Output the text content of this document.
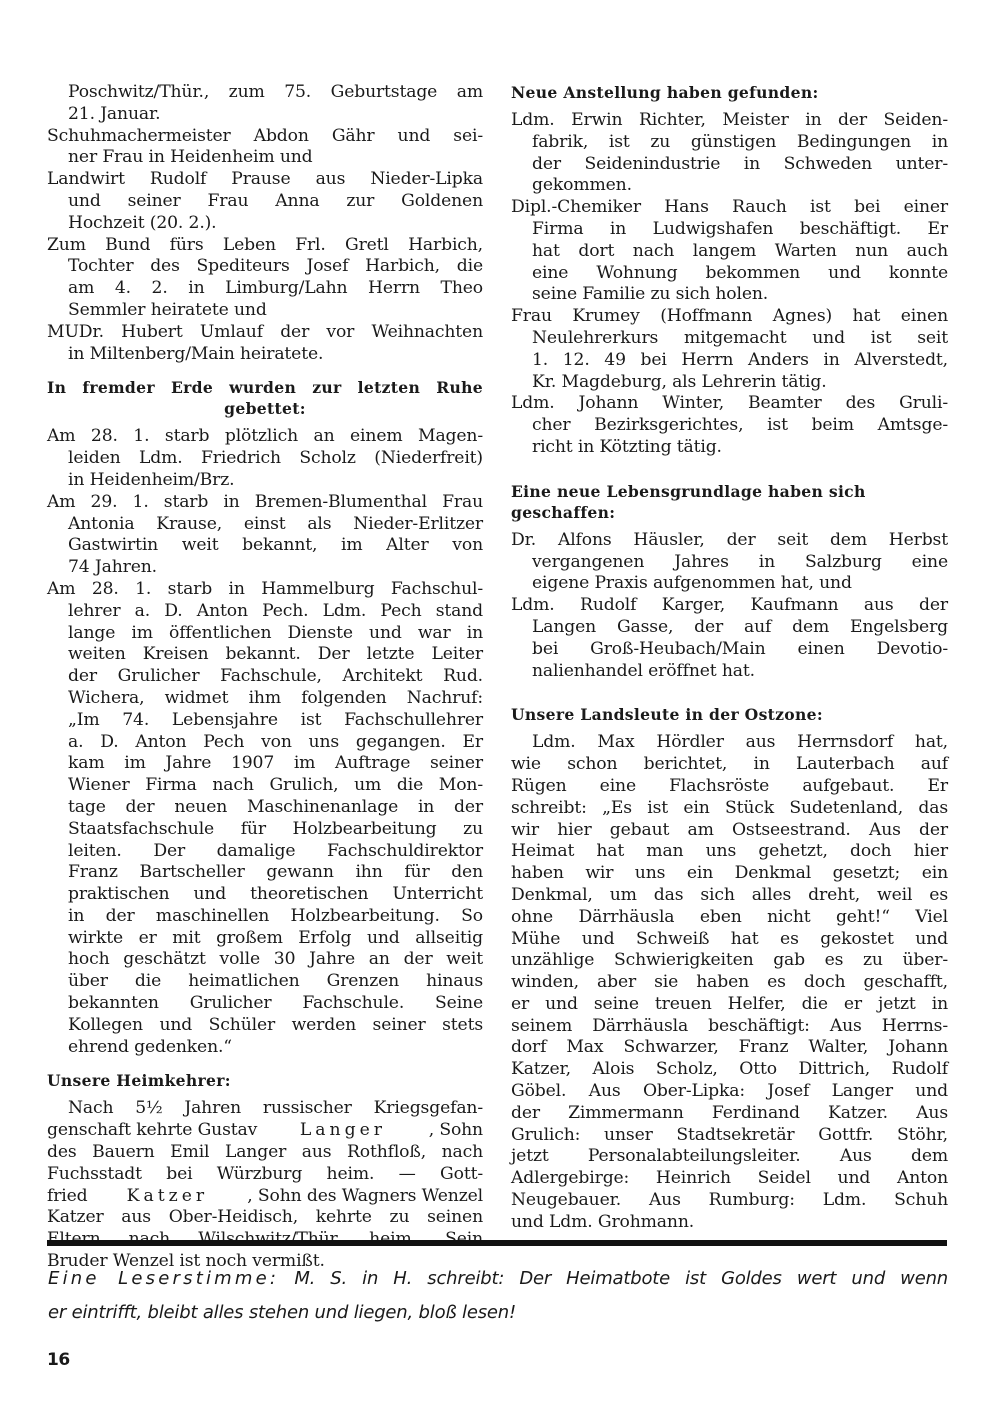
Poschwitz/Thür., zum 75. Geburtstage am
21. Januar.
Schuhmachermeister Abdon Gähr und sei-
ner Frau in Heidenheim und
Landwirt Rudolf Prause aus Nieder-Lipka
und seiner Frau Anna zur Goldenen
Hochzeit (20. 2.).
Zum Bund fürs Leben Frl. Gretl Harbich,
Tochter des Spediteurs Josef Harbich, die
am 4. 2. in Limburg/Lahn Herrn Theo
Semmler heiratete und
MUDr. Hubert Umlauf der vor Weihnachten
in Miltenberg/Main heiratete.
In fremder Erde wurden zur letzten Ruhe
gebettet:
Am 28. 1. starb plötzlich an einem Magen-
leiden Ldm. Friedrich Scholz (Niederfreit)
in Heidenheim/Brz.
Am 29. 1. starb in Bremen-Blumenthal Frau
Antonia Krause, einst als Nieder-Erlitzer
Gastwirtin weit bekannt, im Alter von
74 Jahren.
Am 28. 1. starb in Hammelburg Fachschul-
lehrer a. D. Anton Pech. Ldm. Pech stand
lange im öffentlichen Dienste und war in
weiten Kreisen bekannt. Der letzte Leiter
der Grulicher Fachschule, Architekt Rud.
Wichera, widmet ihm folgenden Nachruf:
„Im 74. Lebensjahre ist Fachschullehrer
a. D. Anton Pech von uns gegangen. Er
kam im Jahre 1907 im Auftrage seiner
Wiener Firma nach Grulich, um die Mon-
tage der neuen Maschinenanlage in der
Staatsfachschule für Holzbearbeitung zu
leiten. Der damalige Fachschuldirektor
Franz Bartscheller gewann ihn für den
praktischen und theoretischen Unterricht
in der maschinellen Holzbearbeitung. So
wirkte er mit großem Erfolg und allseitig
hoch geschätzt volle 30 Jahre an der weit
über die heimatlichen Grenzen hinaus
bekannten Grulicher Fachschule. Seine
Kollegen und Schüler werden seiner stets
ehrend gedenken.“
Unsere Heimkehrer:
Nach 5½ Jahren russischer Kriegsgefan-
genschaft kehrte Gustav Langer , Sohn
des Bauern Emil Langer aus Rothfloß, nach
Fuchsstadt bei Würzburg heim. — Gott-
fried Katzer , Sohn des Wagners Wenzel
Katzer aus Ober-Heidisch, kehrte zu seinen
Bruder Wenzel ist noch vermißt.
Neue Anstellung haben gefunden:
Ldm. Erwin Richter, Meister in der Seiden-
fabrik, ist zu günstigen Bedingungen in
der Seidenindustrie in Schweden unter-
gekommen.
Dipl.-Chemiker Hans Rauch ist bei einer
Firma in Ludwigshafen beschäftigt. Er
hat dort nach langem Warten nun auch
eine Wohnung bekommen und konnte
seine Familie zu sich holen.
Frau Krumey (Hoffmann Agnes) hat einen
Neulehrerkurs mitgemacht und ist seit
1. 12. 49 bei Herrn Anders in Alverstedt,
Kr. Magdeburg, als Lehrerin tätig.
Ldm. Johann Winter, Beamter des Gruli-
cher Bezirksgerichtes, ist beim Amtsge-
richt in Kötzting tätig.
Eine neue Lebensgrundlage haben sich
geschaffen:
Dr. Alfons Häusler, der seit dem Herbst
vergangenen Jahres in Salzburg eine
eigene Praxis aufgenommen hat, und
Ldm. Rudolf Karger, Kaufmann aus der
Langen Gasse, der auf dem Engelsberg
bei Groß-Heubach/Main einen Devotio-
nalienhandel eröffnet hat.
Unsere Landsleute in der Ostzone:
Ldm. Max Hördler aus Herrnsdorf hat,
wie schon berichtet, in Lauterbach auf
Rügen eine Flachsröste aufgebaut. Er
schreibt: „Es ist ein Stück Sudetenland, das
wir hier gebaut am Ostseestrand. Aus der
Heimat hat man uns gehetzt, doch hier
haben wir uns ein Denkmal gesetzt; ein
Denkmal, um das sich alles dreht, weil es
ohne Därrhäusla eben nicht geht!“ Viel
Mühe und Schweiß hat es gekostet und
unzählige Schwierigkeiten gab es zu über-
winden, aber sie haben es doch geschafft,
er und seine treuen Helfer, die er jetzt in
seinem Därrhäusla beschäftigt: Aus Herrns-
dorf Max Schwarzer, Franz Walter, Johann
Katzer, Alois Scholz, Otto Dittrich, Rudolf
Göbel. Aus Ober-Lipka: Josef Langer und
der Zimmermann Ferdinand Katzer. Aus
Grulich: unser Stadtsekretär Gottfr. Stöhr,
jetzt Personalabteilungsleiter. Aus dem
Adlergebirge: Heinrich Seidel und Anton
Neugebauer. Aus Rumburg: Ldm. Schuh
und Ldm. Grohmann.
Eine Leserstimme: M. S. in H. schreibt: Der Heimatbote ist Goldes wert und wenn
er eintrifft, bleibt alles stehen und liegen, bloß lesen!
16
